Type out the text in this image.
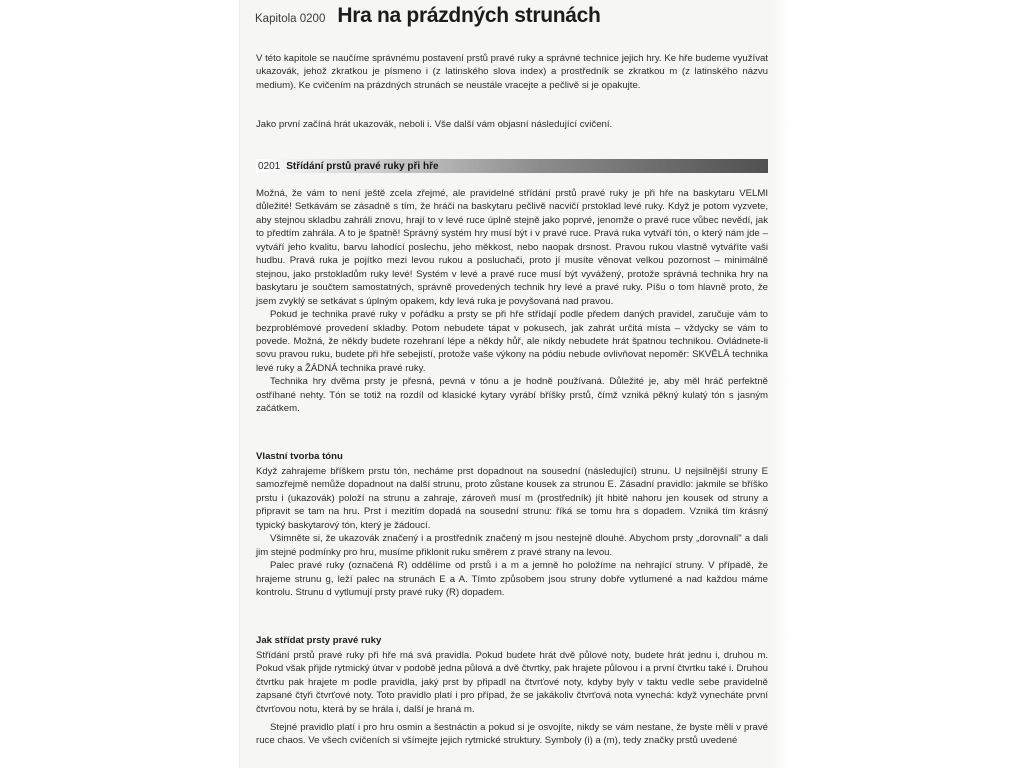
Kapitola 0200 Hra na prázdných strunách

V této kapitole se naučíme správnému postavení prstů pravé ruky a správné technice jejich hry. Ke hře budeme využívat ukazovák, jehož zkratkou je písmeno i (z latinského slova index) a prostředník se zkratkou m (z latinského názvu medium). Ke cvičením na prázdných strunách se neustále vracejte a pečlivě si je opakujte.

Jako první začíná hrát ukazovák, neboli i. Vše další vám objasní následující cvičení.

0201 Střídání prstů pravé ruky při hře

Možná, že vám to není ještě zcela zřejmé, ale pravidelné střídání prstů pravé ruky je při hře na baskytaru VELMI důležité! Setkávám se zásadně s tím, že hráči na baskytaru pečlivě nacvičí prstoklad levé ruky. Když je potom vyzvete, aby stejnou skladbu zahráli znovu, hrají to v levé ruce úplně stejně jako poprvé, jenomže o pravé ruce vůbec nevědí, jak to předtím zahrála. A to je špatně! Správný systém hry musí být i v pravé ruce. Pravá ruka vytváří tón, o který nám jde – vytváří jeho kvalitu, barvu lahodící poslechu, jeho měkkost, nebo naopak drsnost. Pravou rukou vlastně vytváříte vaši hudbu. Pravá ruka je pojítko mezi levou rukou a posluchači, proto jí musíte věnovat velkou pozornost – minimálně stejnou, jako prstokladům ruky levé! Systém v levé a pravé ruce musí být vyvážený, protože správná technika hry na baskytaru je součtem samostatných, správně provedených technik hry levé a pravé ruky. Píšu o tom hlavně proto, že jsem zvyklý se setkávat s úplným opakem, kdy levá ruka je povyšovaná nad pravou.

Pokud je technika pravé ruky v pořádku a prsty se při hře střídají podle předem daných pravidel, zaručuje vám to bezproblémové provedení skladby. Potom nebudete tápat v pokusech, jak zahrát určitá místa – vždycky se vám to povede. Možná, že někdy budete rozehraní lépe a někdy hůř, ale nikdy nebudete hrát špatnou technikou. Ovládnete-li sovu pravou ruku, budete při hře sebejistí, protože vaše výkony na pódiu nebude ovlivňovat nepoměr: SKVĚLÁ technika levé ruky a ŽÁDNÁ technika pravé ruky.

Technika hry dvěma prsty je přesná, pevná v tónu a je hodně používaná. Důležité je, aby měl hráč perfektně ostříhané nehty. Tón se totiž na rozdíl od klasické kytary vyrábí bříšky prstů, čímž vzniká pěkný kulatý tón s jasným začátkem.

Vlastní tvorba tónu

Když zahrajeme bříškem prstu tón, necháme prst dopadnout na sousední (následující) strunu. U nejsilnější struny E samozřejmě nemůže dopadnout na další strunu, proto zůstane kousek za strunou E. Zásadní pravidlo: jakmile se bříško prstu i (ukazovák) položí na strunu a zahraje, zároveň musí m (prostředník) jít hbitě nahoru jen kousek od struny a připravit se tam na hru. Prst i mezitím dopadá na sousední strunu: říká se tomu hra s dopadem. Vzniká tím krásný typický baskytarový tón, který je žádoucí.

Všimněte si, že ukazovák značený i a prostředník značený m jsou nestejně dlouhé. Abychom prsty „dorovnali" a dali jim stejné podmínky pro hru, musíme přiklonit ruku směrem z pravé strany na levou.

Palec pravé ruky (označená R) oddělíme od prstů i a m a jemně ho položíme na nehrající struny. V případě, že hrajeme strunu g, leží palec na strunách E a A. Tímto způsobem jsou struny dobře vytlumené a nad každou máme kontrolu. Strunu d vytlumují prsty pravé ruky (R) dopadem.

Jak střídat prsty pravé ruky

Střídání prstů pravé ruky při hře má svá pravidla. Pokud budete hrát dvě půlové noty, budete hrát jednu i, druhou m. Pokud však přijde rytmický útvar v podobě jedna půlová a dvě čtvrtky, pak hrajete půlovou i a první čtvrtku také i. Druhou čtvrtku pak hrajete m podle pravidla, jaký prst by připadl na čtvrťové noty, kdyby byly v taktu vedle sebe pravidelně zapsané čtyři čtvrťové noty. Toto pravidlo platí i pro případ, že se jakákoliv čtvrťová nota vynechá: když vynecháte první čtvrťovou notu, která by se hrála i, další je hraná m.

Stejné pravidlo platí i pro hru osmin a šestnáctin a pokud si je osvojíte, nikdy se vám nestane, že byste měli v pravé ruce chaos. Ve všech cvičeních si všímejte jejich rytmické struktury. Symboly (i) a (m), tedy značky prstů uvedené
